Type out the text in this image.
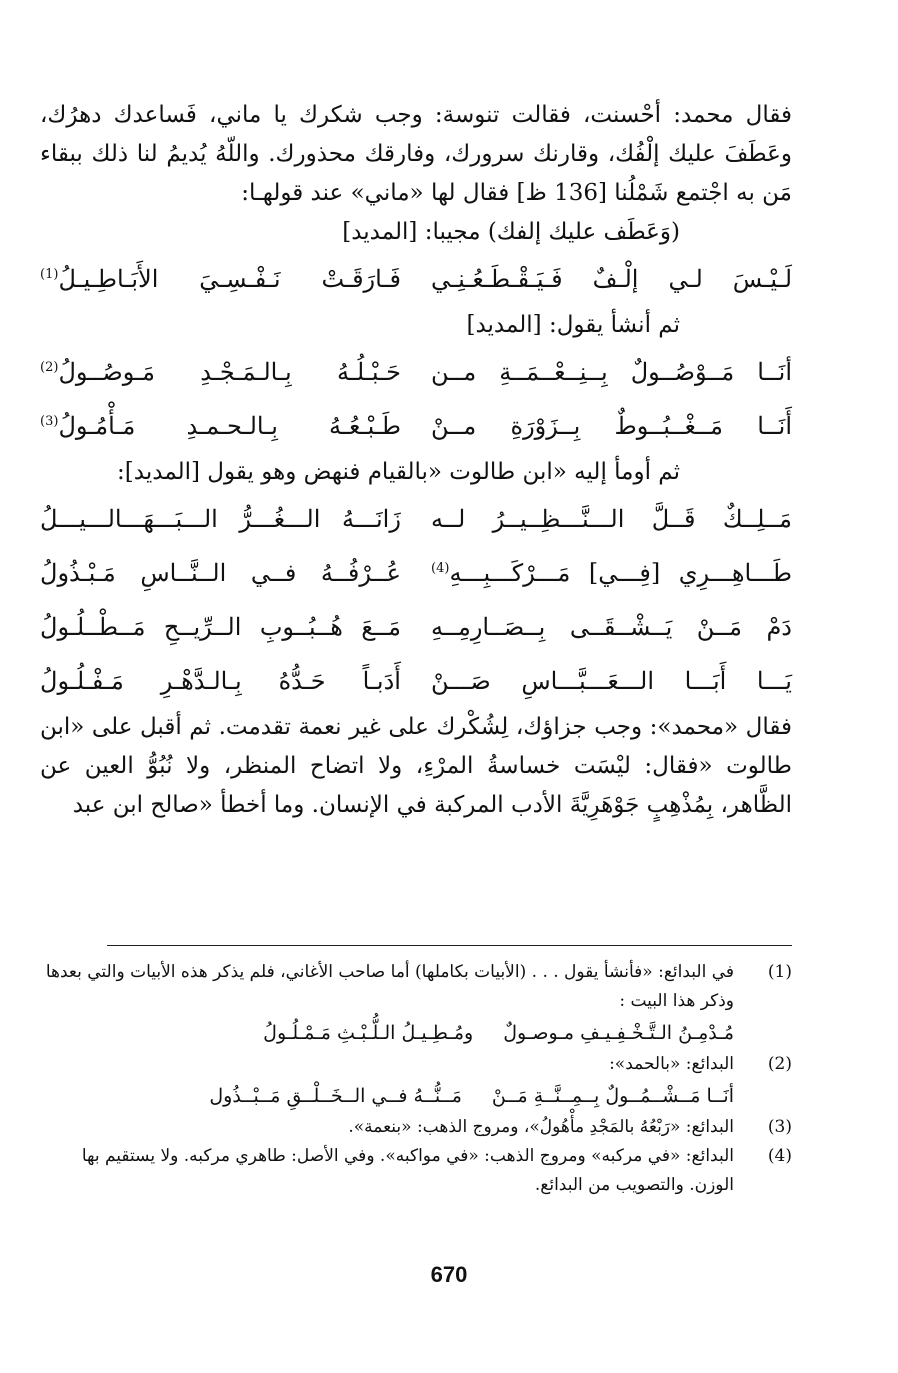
فقال محمد: أحْسنت، فقالت تنوسة: وجب شكرك يا ماني، فَساعدك دهرُك، وعَطَفَ عليك إلْفُك، وقارنك سرورك، وفارقك محذورك. واللّهُ يُديمُ لنا ذلك ببقاء مَن به اجْتمع شَمْلُنا [136 ظ] فقال لها «ماني» عند قولهـا:

(وَعَطَف عليك إلفك) مجيبا: [المديد]

لَـيْـسَ لـي إلْـفٌ فَـيَـقْـطَـعُـنِـي
فَـارَقَـتْ نَـفْـسِـيَ الأَبَـاطِـيـلُ$^{(1)}$

ثم أنشأ يقول: [المديد]

أنَــا مَــوْصُــولٌ بِــنِــعْــمَــةِ مــن
حَـبْـلُـهُ بِـالـمَـجْـدِ مَـوصُــولُ$^{(2)}$
أَنَــا مَــغْــبُــوطٌ بِــزَوْرَةِ مــنْ
طَـبْـعُـهُ بِـالـحـمـدِ مَـأْمُـولُ$^{(3)}$

ثم أومأ إليه «ابن طالوت «بالقيام فنهض وهو يقول [المديد]:

مَــلِــكٌ قَــلَّ الـــنَّـــظِــيــرُ لــه
زَانَـــهُ الـــغُـــرُّ الـــبَـــهَـــالـــيـــلُ
طَـــاهِـــرِي [فِـــي] مَـــرْكَـــبِـــهِ$^{(4)}$
عُــرْفُــهُ فــي الــنَّــاسِ مَـبْـذُولُ
دَمْ مَــنْ يَــشْــقَــى بِــصَــارِمِــهِ
مَــعَ هُــبُــوبِ الــرِّيــحِ مَــطْــلُـولُ
يَـــا أَبَـــا الـــعَـــبَّـــاسِ صَـــنْ
أَدَبـاً حَـدُّهُ بِـالـدَّهْـرِ مَـفْـلُـولُ

فقال «محمد»: وجب جزاؤك، لِشُكْرك على غير نعمة تقدمت. ثم أقبل على «ابن طالوت «فقال: ليْسَت خساسةُ المرْءِ، ولا اتضاح المنظر، ولا نُبُوُّ العين عن الظَّاهر، بِمُذْهِبٍ جَوْهَرِيَّةَ الأدب المركبة في الإنسان. وما أخطأ «صالح ابن عبد

(1)
في البدائع: «فأنشأ يقول . . . (الأبيات بكاملها) أما صاحب الأغاني، فلم يذكر هذه الأبيات والتي بعدها وذكر هذا البيت :
مُـدْمِـنُ الـتَّـخْـفِـيـفِ مـوصـولٌ
ومُـطِـيـلُ الـلُّـبْـثِ مَـمْـلُـولُ
(2)
البدائع: «بالحمد»:
أنَــا مَــشْــمُــولٌ بِــمِــنَّــةِ مَــنْ
مَــنُّــهُ فــي الــخَــلْــقِ مَــبْــذُول
(3)
البدائع: «رَبْعُهُ بالمَجْدِ مأْهُولُ»، ومروج الذهب: «بنعمة».
(4)
البدائع: «في مركبه» ومروج الذهب: «في مواكبه». وفي الأصل: طاهري مركبه. ولا يستقيم بها الوزن. والتصويب من البدائع.
670
